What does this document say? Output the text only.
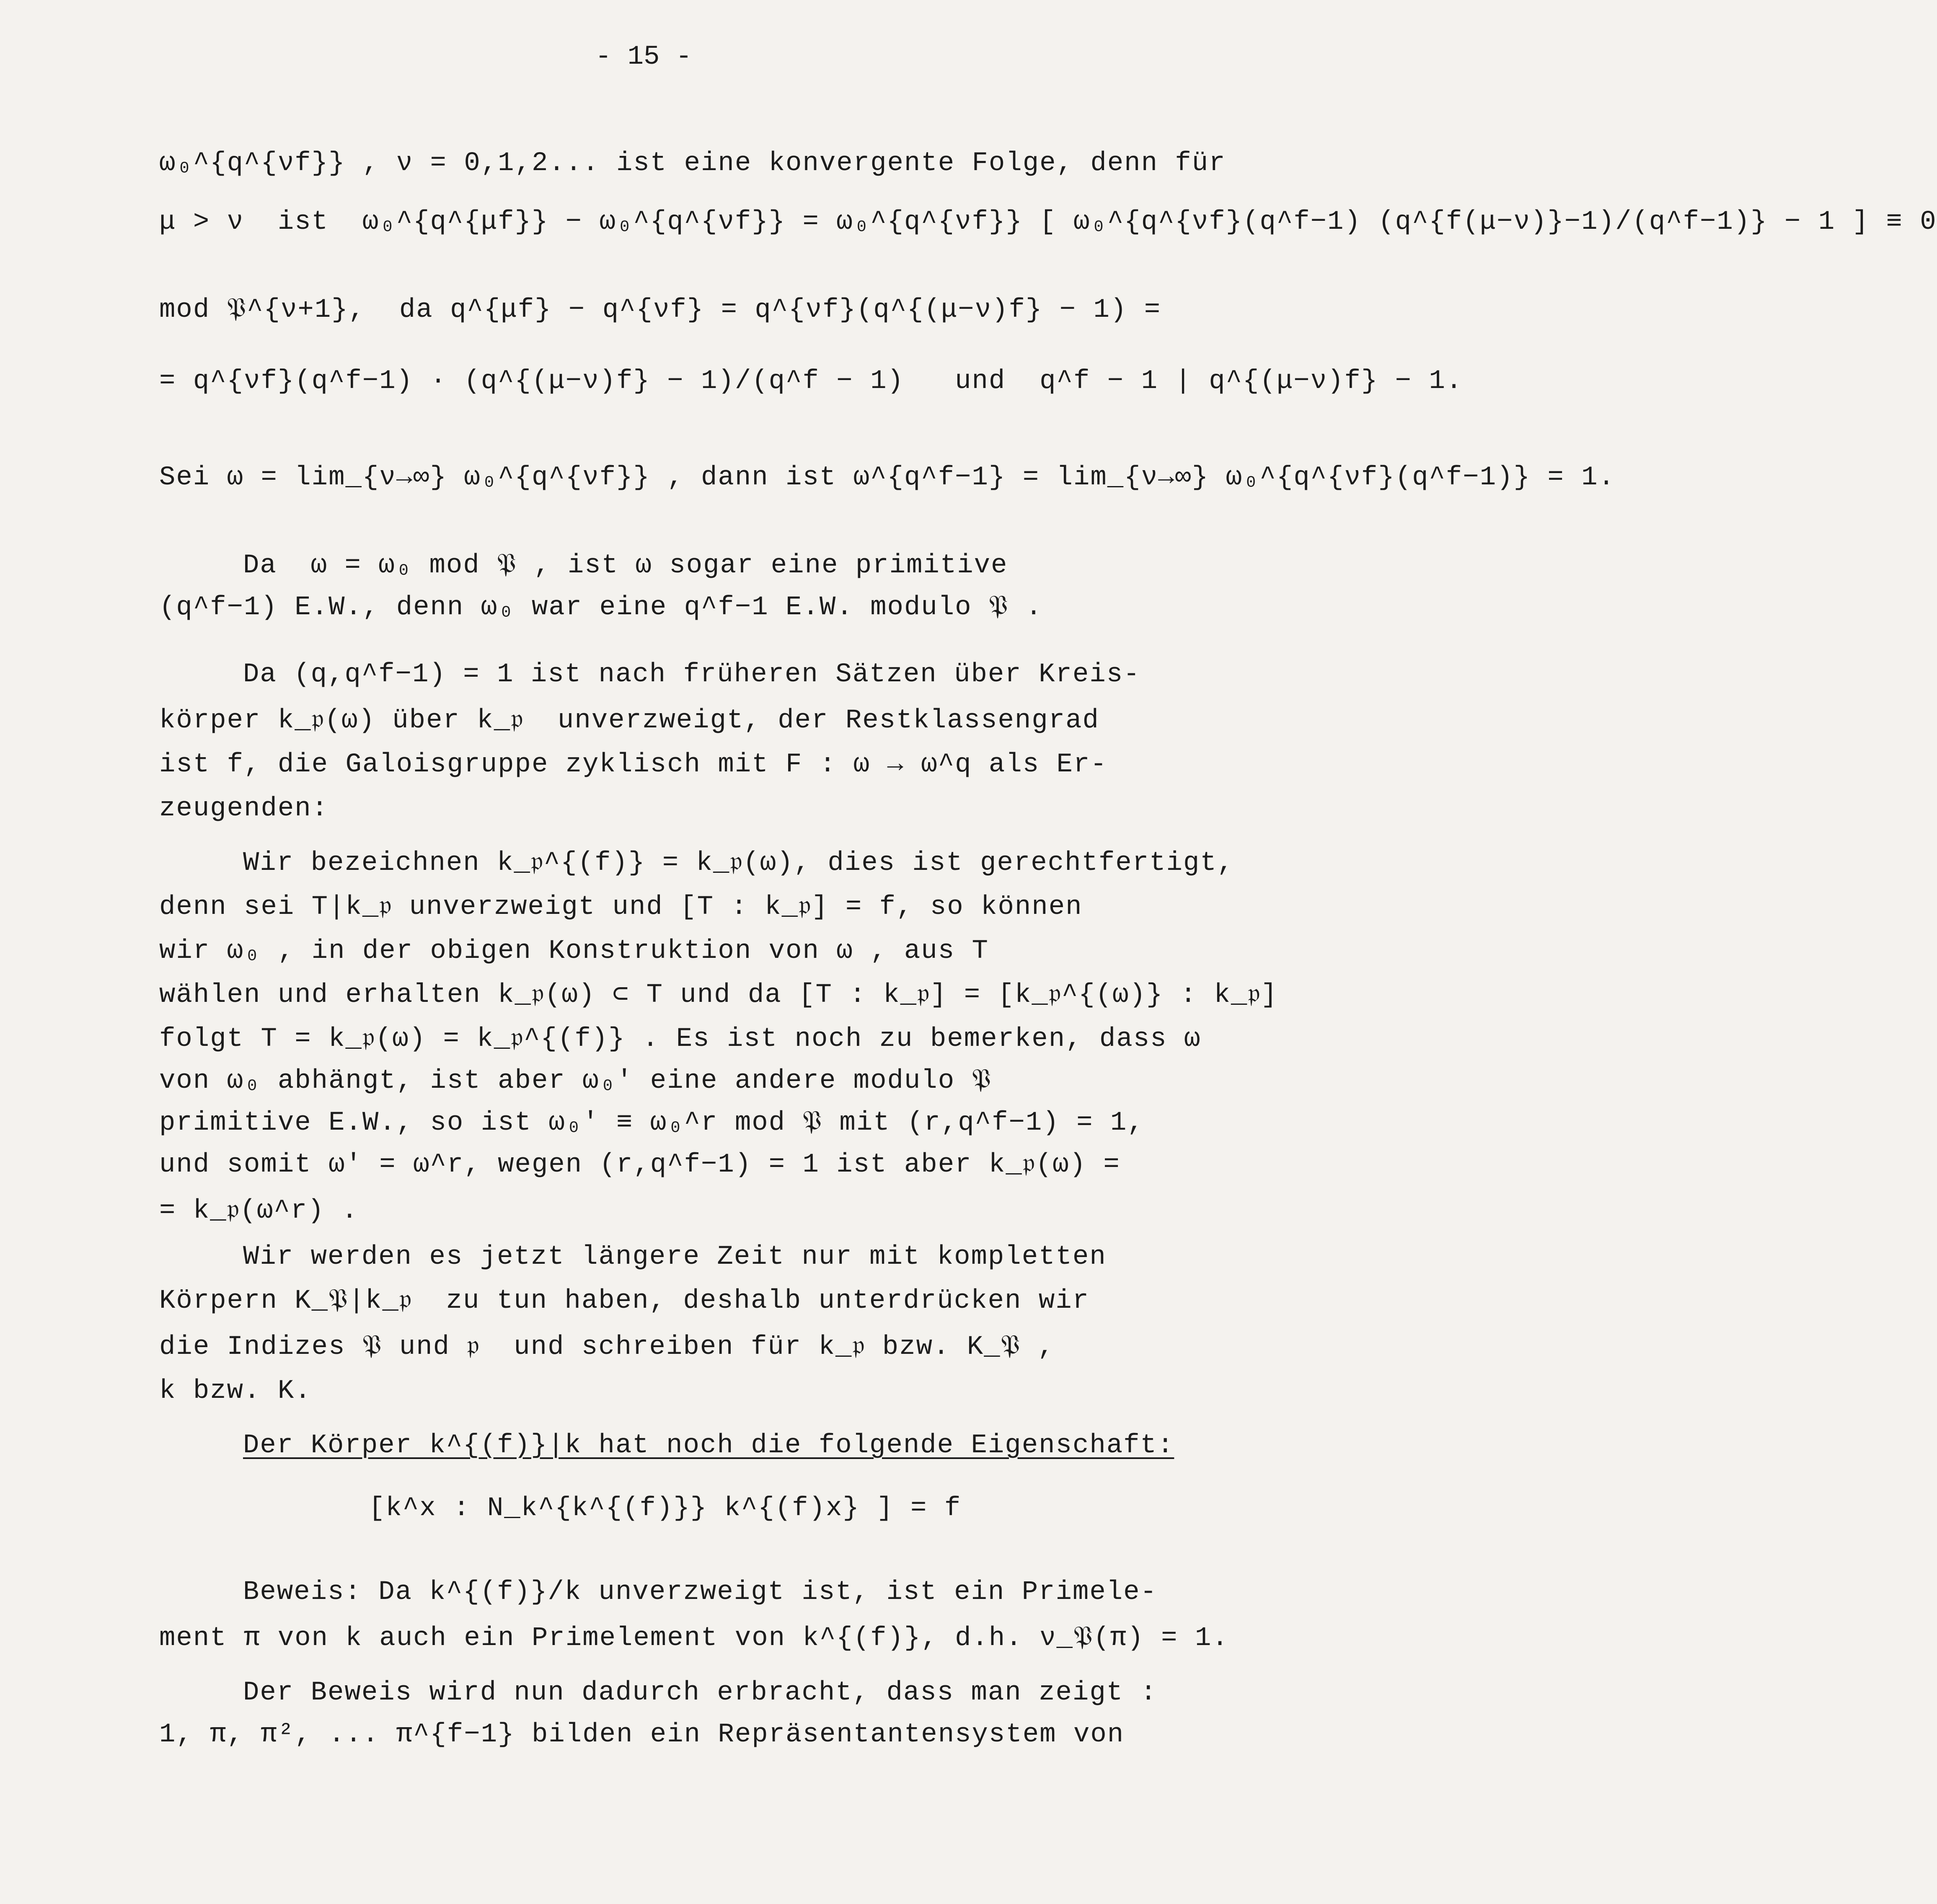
- 15 -
ω₀^{q^{νf}} , ν = 0,1,2... ist eine konvergente Folge, denn für
μ > ν  ist  ω₀^{q^{μf}} − ω₀^{q^{νf}} = ω₀^{q^{νf}} [ ω₀^{q^{νf}(q^f−1) (q^{f(μ−ν)}−1)/(q^f−1)} − 1 ] ≡ 0
mod 𝔓^{ν+1},  da q^{μf} − q^{νf} = q^{νf}(q^{(μ−ν)f} − 1) =
= q^{νf}(q^f−1) · (q^{(μ−ν)f} − 1)/(q^f − 1)   und  q^f − 1 | q^{(μ−ν)f} − 1.
Sei ω = lim_{ν→∞} ω₀^{q^{νf}} , dann ist ω^{q^f−1} = lim_{ν→∞} ω₀^{q^{νf}(q^f−1)} = 1.
Da  ω = ω₀ mod 𝔓 , ist ω sogar eine primitive
(q^f−1) E.W., denn ω₀ war eine q^f−1 E.W. modulo 𝔓 .
Da (q,q^f−1) = 1 ist nach früheren Sätzen über Kreis-
körper k_𝔭(ω) über k_𝔭  unverzweigt, der Restklassengrad
ist f, die Galoisgruppe zyklisch mit F : ω → ω^q als Er-
zeugenden:
Wir bezeichnen k_𝔭^{(f)} = k_𝔭(ω), dies ist gerechtfertigt,
denn sei T|k_𝔭 unverzweigt und [T : k_𝔭] = f, so können
wir ω₀ , in der obigen Konstruktion von ω , aus T
wählen und erhalten k_𝔭(ω) ⊂ T und da [T : k_𝔭] = [k_𝔭^{(ω)} : k_𝔭]
folgt T = k_𝔭(ω) = k_𝔭^{(f)} . Es ist noch zu bemerken, dass ω
von ω₀ abhängt, ist aber ω₀' eine andere modulo 𝔓
primitive E.W., so ist ω₀' ≡ ω₀^r mod 𝔓 mit (r,q^f−1) = 1,
und somit ω' = ω^r, wegen (r,q^f−1) = 1 ist aber k_𝔭(ω) =
= k_𝔭(ω^r) .
Wir werden es jetzt längere Zeit nur mit kompletten
Körpern K_𝔓|k_𝔭  zu tun haben, deshalb unterdrücken wir
die Indizes 𝔓 und 𝔭  und schreiben für k_𝔭 bzw. K_𝔓 ,
k bzw. K.
Der Körper k^{(f)}|k hat noch die folgende Eigenschaft:
[k^x : N_k^{k^{(f)}} k^{(f)x} ] = f
Beweis: Da k^{(f)}/k unverzweigt ist, ist ein Primele-
ment π von k auch ein Primelement von k^{(f)}, d.h. ν_𝔓(π) = 1.
Der Beweis wird nun dadurch erbracht, dass man zeigt :
1, π, π², ... π^{f−1} bilden ein Repräsentantensystem von
